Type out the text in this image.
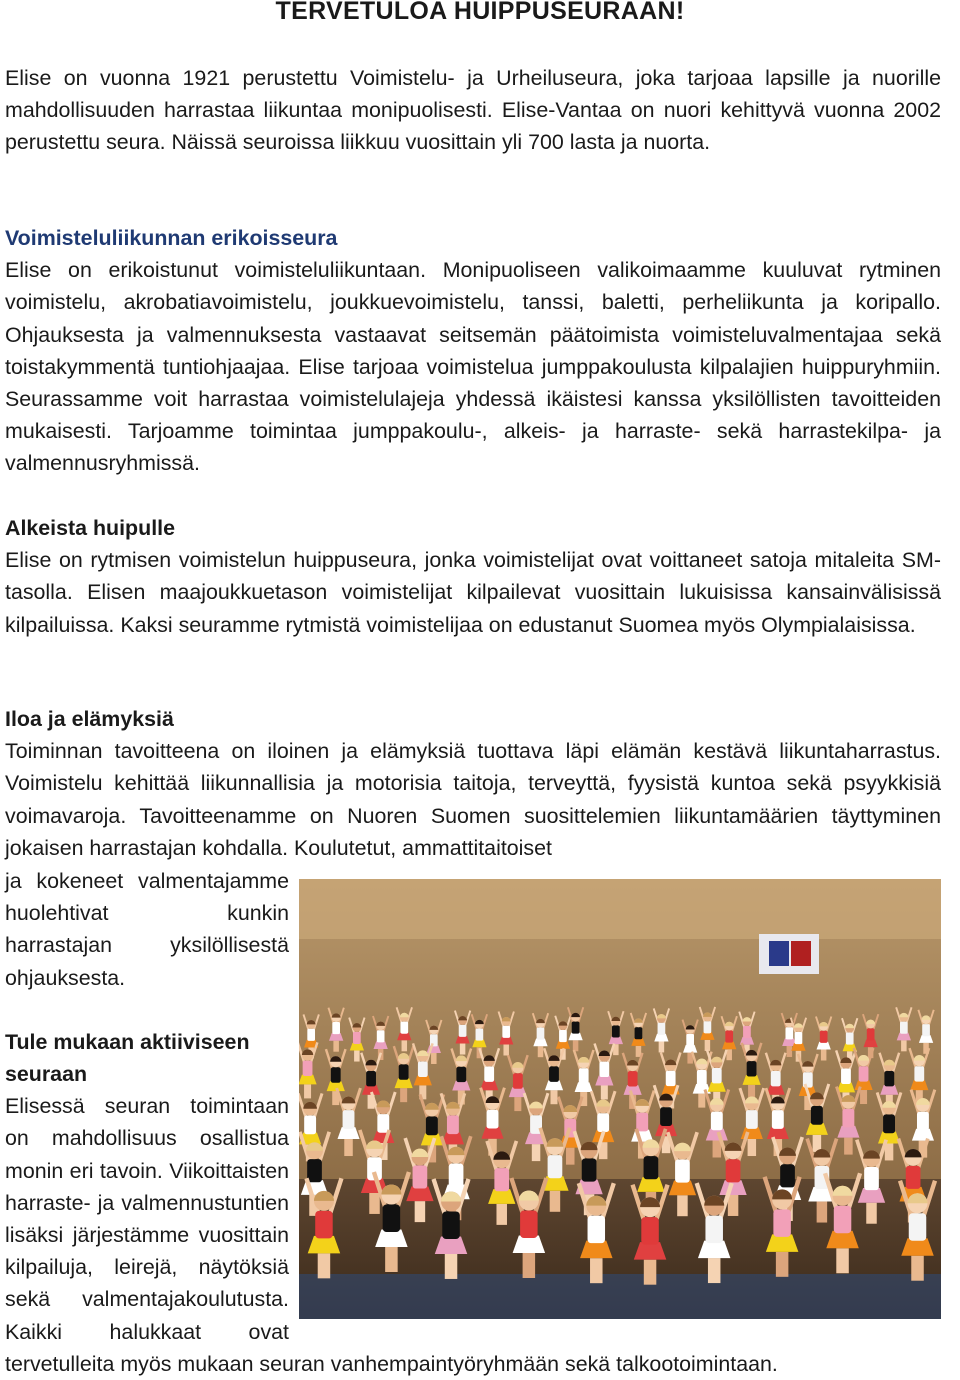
TERVETULOA HUIPPUSEURAAN!

Elise on vuonna 1921 perustettu Voimistelu- ja Urheiluseura, joka tarjoaa lapsille ja nuorille mahdollisuuden harrastaa liikuntaa monipuolisesti. Elise-Vantaa on nuori kehittyvä vuonna 2002 perustettu seura. Näissä seuroissa liikkuu vuosittain yli 700 lasta ja nuorta.

Voimisteluliikunnan erikoisseura

Elise on erikoistunut voimisteluliikuntaan. Monipuoliseen valikoimaamme kuuluvat rytminen voimistelu, akrobatiavoimistelu, joukkuevoimistelu, tanssi, baletti, perheliikunta ja koripallo. Ohjauksesta ja valmennuksesta vastaavat seitsemän päätoimista voimisteluvalmentajaa sekä toistakymmentä tuntiohjaajaa. Elise tarjoaa voimistelua jumppakoulusta kilpalajien huippuryhmiin. Seurassamme voit harrastaa voimistelulajeja yhdessä ikäistesi kanssa yksilöllisten tavoitteiden mukaisesti. Tarjoamme toimintaa jumppakoulu-, alkeis- ja harraste- sekä harrastekilpa- ja valmennusryhmissä.

Alkeista huipulle

Elise on rytmisen voimistelun huippuseura, jonka voimistelijat ovat voittaneet satoja mitaleita SM-tasolla. Elisen maajoukkuetason voimistelijat kilpailevat vuosittain lukuisissa kansainvälisissä kilpailuissa. Kaksi seuramme rytmistä voimistelijaa on edustanut Suomea myös Olympialaisissa.

Iloa ja elämyksiä

Toiminnan tavoitteena on iloinen ja elämyksiä tuottava läpi elämän kestävä liikuntaharrastus. Voimistelu kehittää liikunnallisia ja motorisia taitoja, terveyttä, fyysistä kuntoa sekä psyykkisiä voimavaroja. Tavoitteenamme on Nuoren Suomen suosittelemien liikuntamäärien täyttyminen jokaisen harrastajan kohdalla. Koulutetut, ammattitaitoiset

ja kokeneet valmentajamme huolehtivat kunkin harrastajan yksilöllisestä ohjauksesta.

Tule mukaan aktiiviseen seuraan

Elisessä seuran toimintaan on mahdollisuus osallistua monin eri tavoin. Viikoittaisten harraste- ja valmennustuntien lisäksi järjestämme vuosittain kilpailuja, leirejä, näytöksiä sekä valmentajakoulutusta. Kaikki halukkaat ovat tervetulleita myös mukaan seuran vanhempaintyöryhmään sekä talkootoimintaan.
